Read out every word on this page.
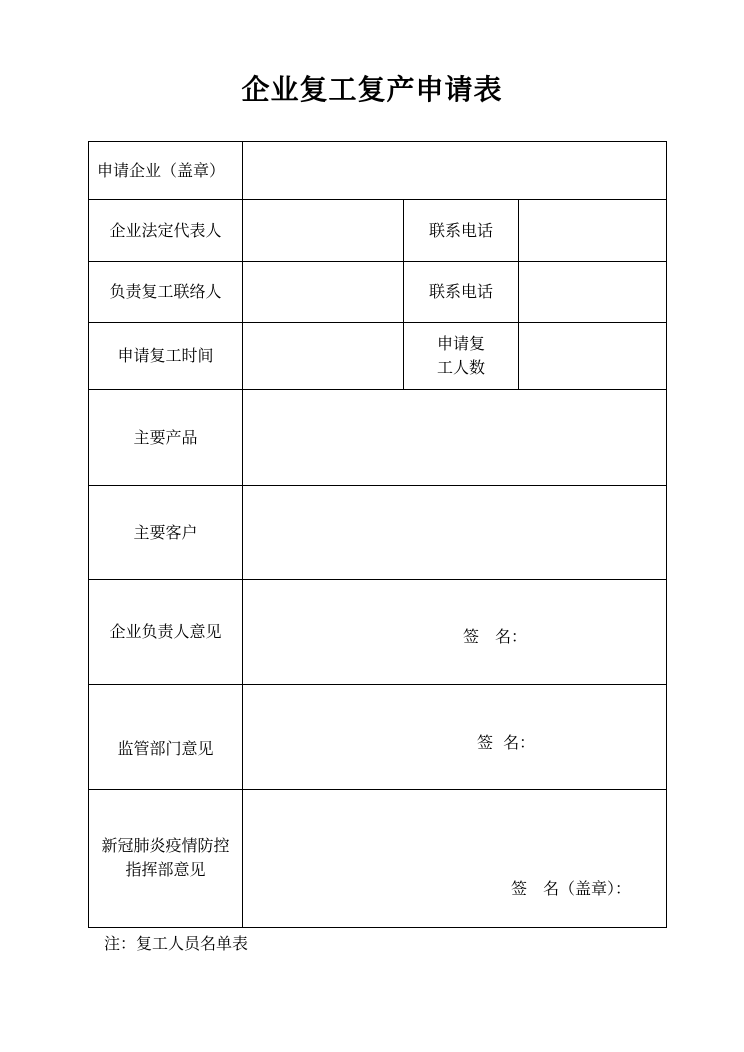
企业复工复产申请表
申请企业（盖章）			
企业法定代表人		联系电话	
负责复工联络人		联系电话	
申请复工时间		申请复
工人数	

主要产品			
主要客户			
企业负责人意见	签　名：		

监管部门意见	签  名：		

新冠肺炎疫情防控
指挥部意见	签　名（盖章）：		
注：复工人员名单表
